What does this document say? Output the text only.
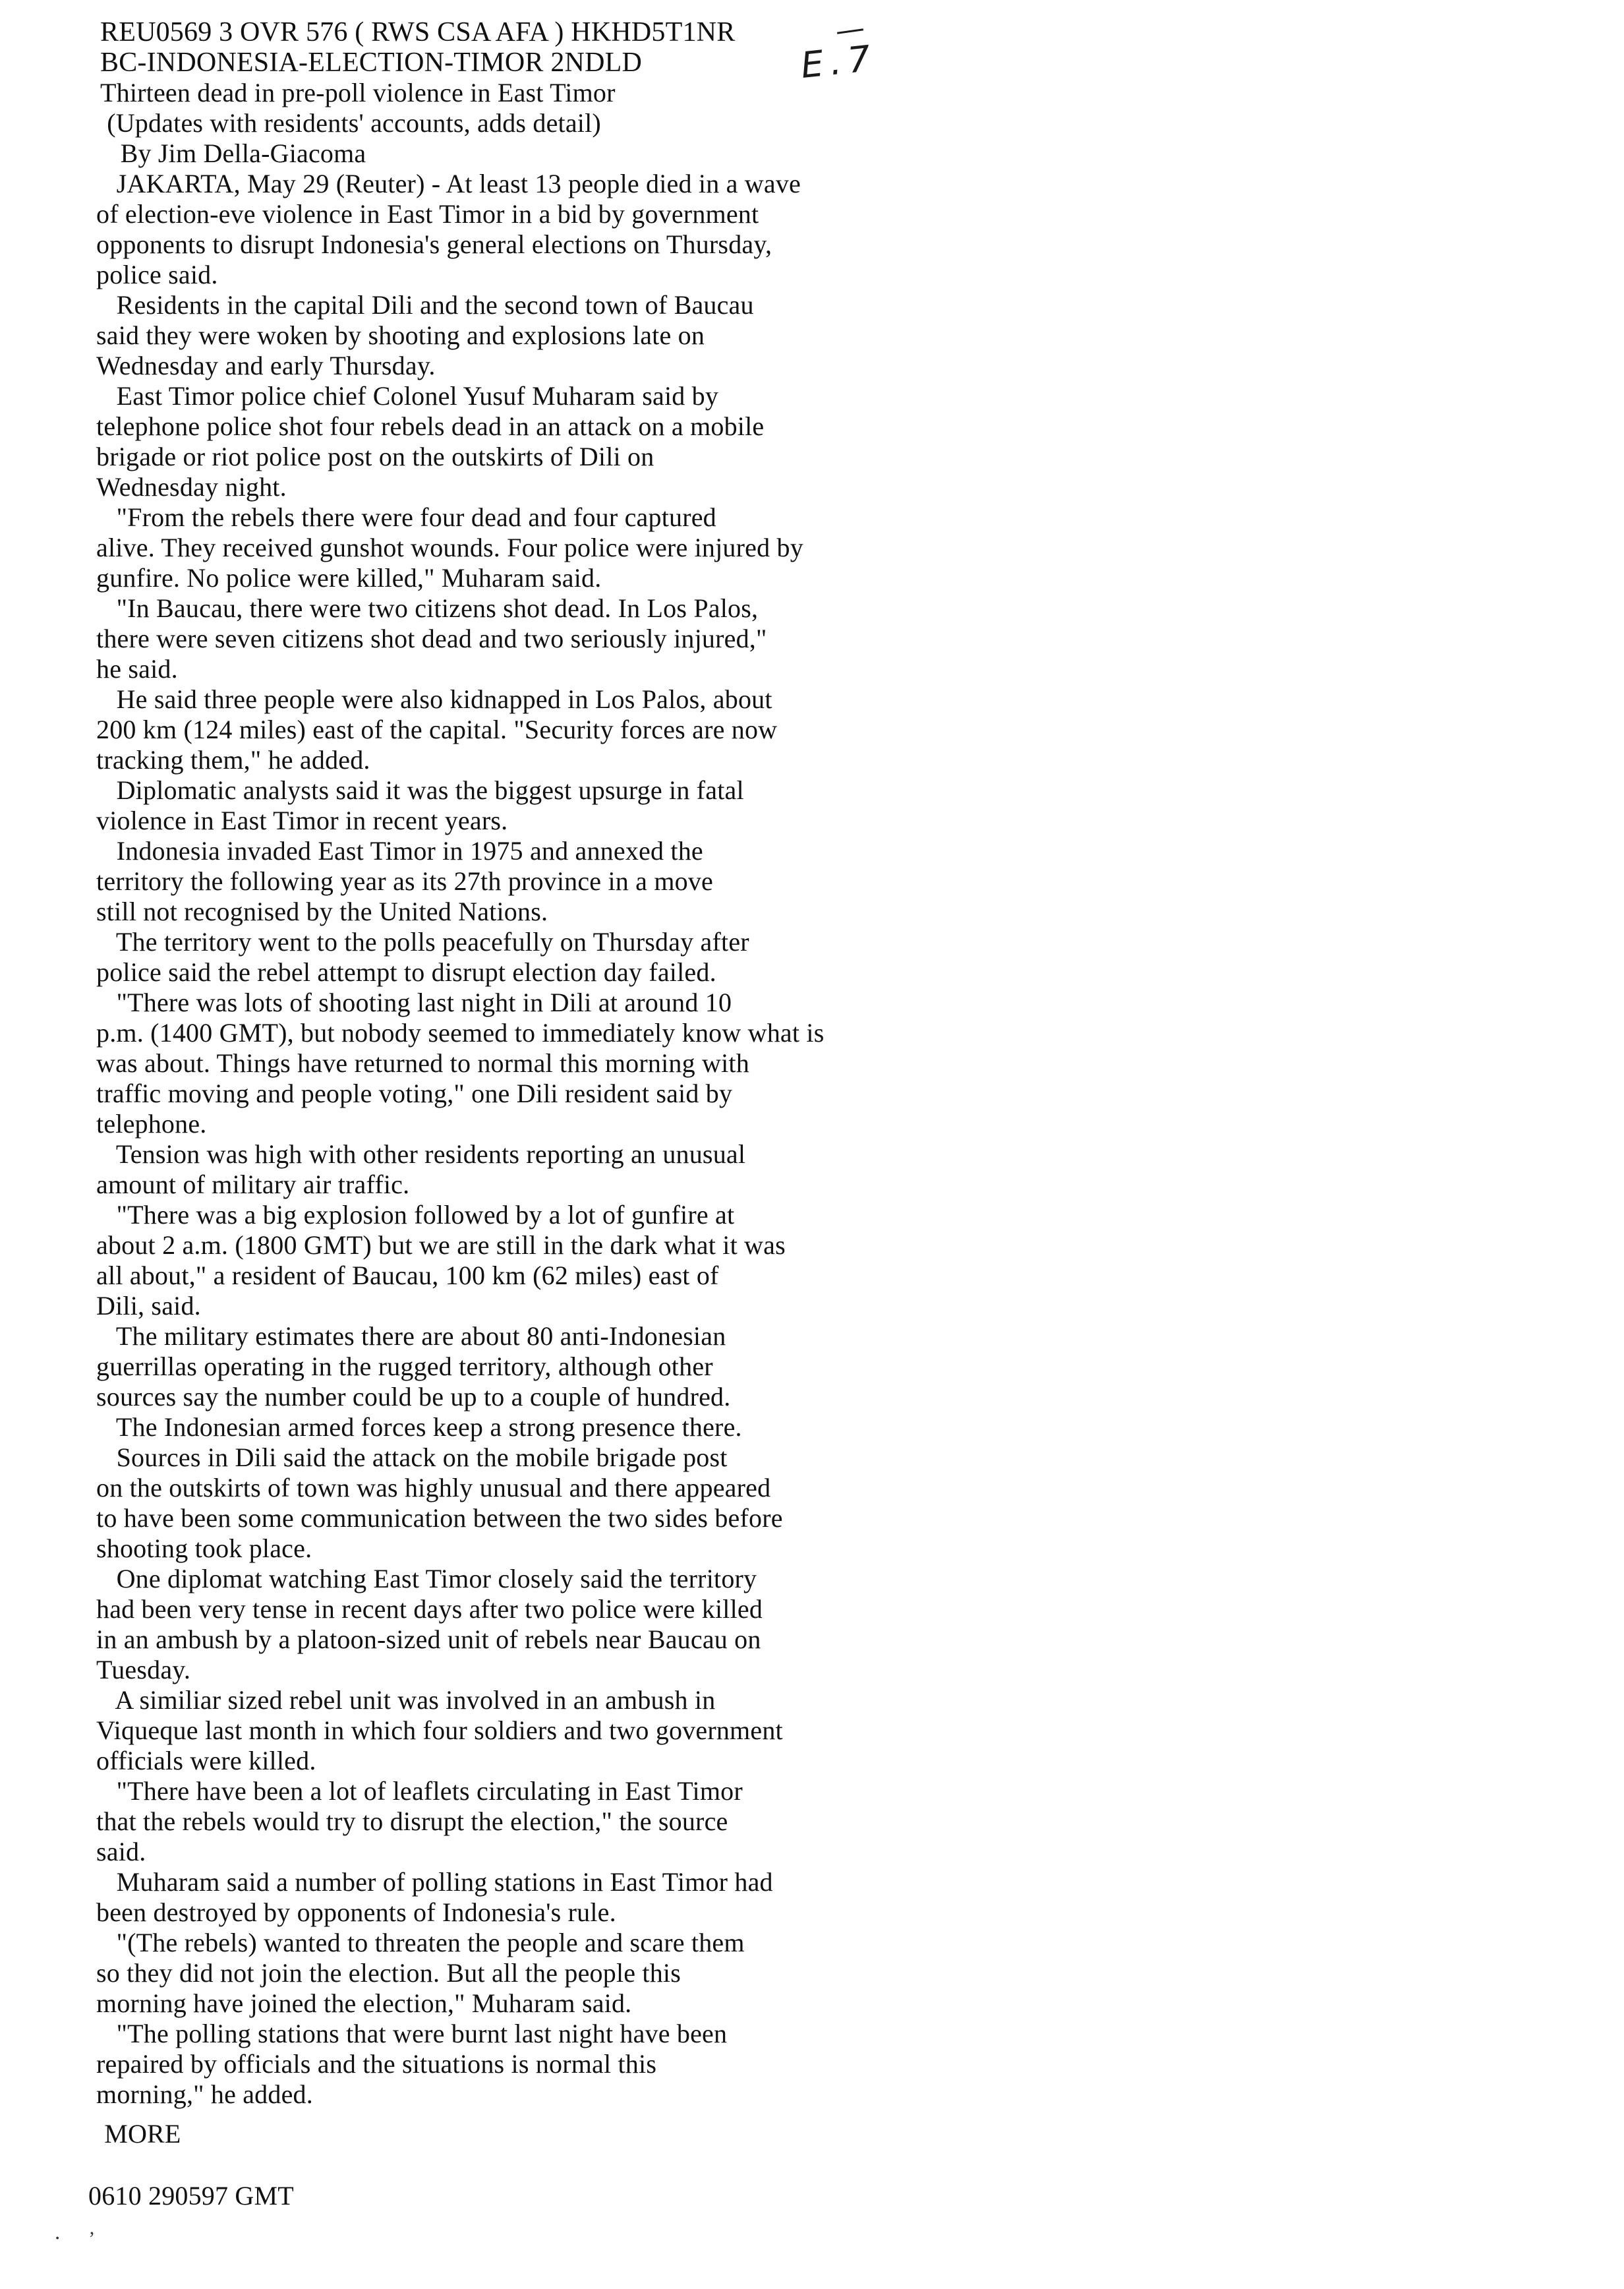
REU0569 3 OVR 576 ( RWS CSA AFA ) HKHD5T1NR
BC-INDONESIA-ELECTION-TIMOR 2NDLD	E.7
Thirteen dead in pre-poll violence in East Timor
(Updates with residents' accounts, adds detail)
By Jim Della-Giacoma
JAKARTA, May 29 (Reuter) - At least 13 people died in a wave
of election-eve violence in East Timor in a bid by government
opponents to disrupt Indonesia's general elections on Thursday,
police said.
Residents in the capital Dili and the second town of Baucau
said they were woken by shooting and explosions late on
Wednesday and early Thursday.
East Timor police chief Colonel Yusuf Muharam said by
telephone police shot four rebels dead in an attack on a mobile
brigade or riot police post on the outskirts of Dili on
Wednesday night.
"From the rebels there were four dead and four captured
alive. They received gunshot wounds. Four police were injured by
gunfire. No police were killed," Muharam said.
"In Baucau, there were two citizens shot dead. In Los Palos,
there were seven citizens shot dead and two seriously injured,"
he said.
He said three people were also kidnapped in Los Palos, about
200 km (124 miles) east of the capital. "Security forces are now
tracking them," he added.
Diplomatic analysts said it was the biggest upsurge in fatal
violence in East Timor in recent years.
Indonesia invaded East Timor in 1975 and annexed the
territory the following year as its 27th province in a move
still not recognised by the United Nations.
The territory went to the polls peacefully on Thursday after
police said the rebel attempt to disrupt election day failed.
"There was lots of shooting last night in Dili at around 10
p.m. (1400 GMT), but nobody seemed to immediately know what is
was about. Things have returned to normal this morning with
traffic moving and people voting," one Dili resident said by
telephone.
Tension was high with other residents reporting an unusual
amount of military air traffic.
"There was a big explosion followed by a lot of gunfire at
about 2 a.m. (1800 GMT) but we are still in the dark what it was
all about," a resident of Baucau, 100 km (62 miles) east of
Dili, said.
The military estimates there are about 80 anti-Indonesian
guerrillas operating in the rugged territory, although other
sources say the number could be up to a couple of hundred.
The Indonesian armed forces keep a strong presence there.
Sources in Dili said the attack on the mobile brigade post
on the outskirts of town was highly unusual and there appeared
to have been some communication between the two sides before
shooting took place.
One diplomat watching East Timor closely said the territory
had been very tense in recent days after two police were killed
in an ambush by a platoon-sized unit of rebels near Baucau on
Tuesday.
A similiar sized rebel unit was involved in an ambush in
Viqueque last month in which four soldiers and two government
officials were killed.
"There have been a lot of leaflets circulating in East Timor
that the rebels would try to disrupt the election," the source
said.
Muharam said a number of polling stations in East Timor had
been destroyed by opponents of Indonesia's rule.
"(The rebels) wanted to threaten the people and scare them
so they did not join the election. But all the people this
morning have joined the election," Muharam said.
"The polling stations that were burnt last night have been
repaired by officials and the situations is normal this
morning," he added.
MORE
0610 290597 GMT
⋅ ’
